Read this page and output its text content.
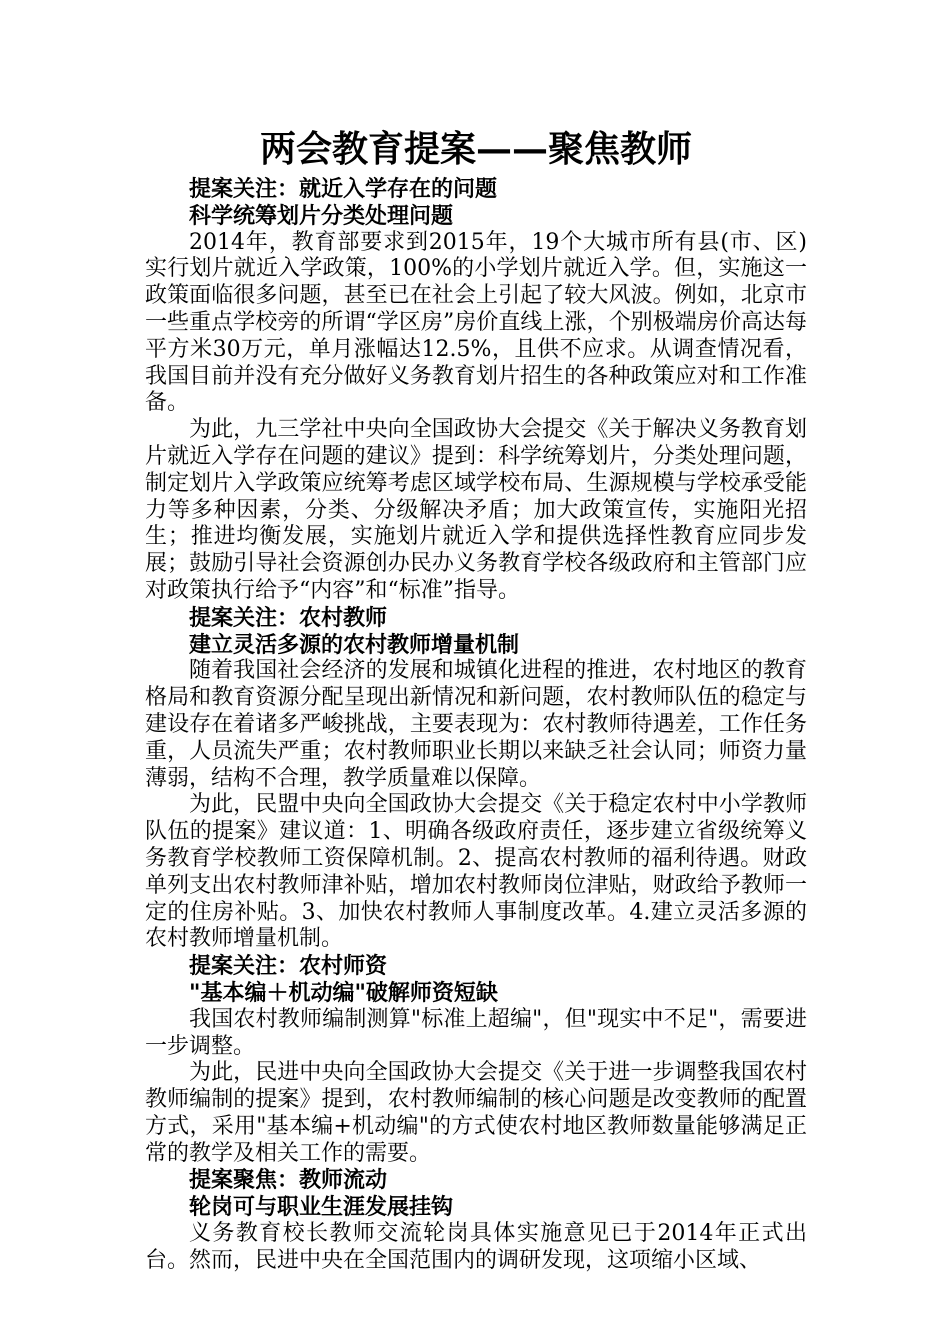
两会教育提案——聚焦教师

提案关注：就近入学存在的问题

科学统筹划片分类处理问题

2014年，教育部要求到2015年，19个大城市所有县(市、区)实行划片就近入学政策，100%的小学划片就近入学。但，实施这一政策面临很多问题，甚至已在社会上引起了较大风波。例如，北京市一些重点学校旁的所谓“学区房”房价直线上涨，个别极端房价高达每平方米30万元，单月涨幅达12.5%，且供不应求。从调查情况看，我国目前并没有充分做好义务教育划片招生的各种政策应对和工作准备。

为此，九三学社中央向全国政协大会提交《关于解决义务教育划片就近入学存在问题的建议》提到：科学统筹划片，分类处理问题，制定划片入学政策应统筹考虑区域学校布局、生源规模与学校承受能力等多种因素，分类、分级解决矛盾；加大政策宣传，实施阳光招生；推进均衡发展，实施划片就近入学和提供选择性教育应同步发展；鼓励引导社会资源创办民办义务教育学校各级政府和主管部门应对政策执行给予“内容”和“标准”指导。

提案关注：农村教师

建立灵活多源的农村教师增量机制

随着我国社会经济的发展和城镇化进程的推进，农村地区的教育格局和教育资源分配呈现出新情况和新问题，农村教师队伍的稳定与建设存在着诸多严峻挑战，主要表现为：农村教师待遇差，工作任务重，人员流失严重；农村教师职业长期以来缺乏社会认同；师资力量薄弱，结构不合理，教学质量难以保障。

为此，民盟中央向全国政协大会提交《关于稳定农村中小学教师队伍的提案》建议道：1、明确各级政府责任，逐步建立省级统筹义务教育学校教师工资保障机制。2、提高农村教师的福利待遇。财政单列支出农村教师津补贴，增加农村教师岗位津贴，财政给予教师一定的住房补贴。3、加快农村教师人事制度改革。4.建立灵活多源的农村教师增量机制。

提案关注：农村师资

"基本编＋机动编"破解师资短缺

我国农村教师编制测算"标准上超编"，但"现实中不足"，需要进一步调整。

为此，民进中央向全国政协大会提交《关于进一步调整我国农村教师编制的提案》提到，农村教师编制的核心问题是改变教师的配置方式，采用"基本编+机动编"的方式使农村地区教师数量能够满足正常的教学及相关工作的需要。

提案聚焦：教师流动

轮岗可与职业生涯发展挂钩

义务教育校长教师交流轮岗具体实施意见已于2014年正式出台。然而，民进中央在全国范围内的调研发现，这项缩小区域、
